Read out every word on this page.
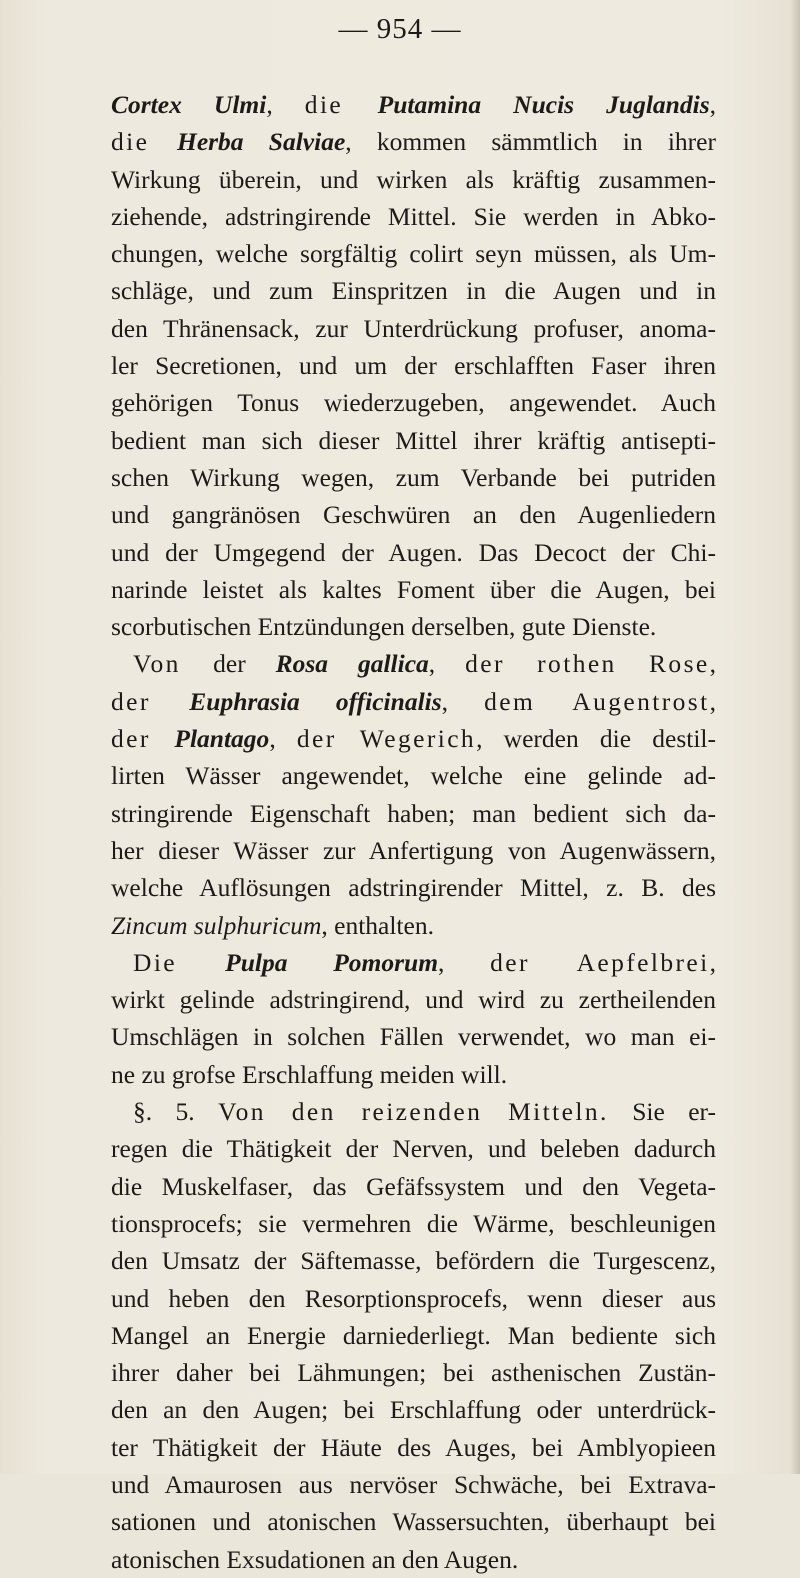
— 954 —
Cortex Ulmi, die Putamina Nucis Juglandis,
die Herba Salviae, kommen sämmtlich in ihrer
Wirkung überein, und wirken als kräftig zusammen-
ziehende, adstringirende Mittel. Sie werden in Abko-
chungen, welche sorgfältig colirt seyn müssen, als Um-
schläge, und zum Einspritzen in die Augen und in
den Thränensack, zur Unterdrückung profuser, anoma-
ler Secretionen, und um der erschlafften Faser ihren
gehörigen Tonus wiederzugeben, angewendet. Auch
bedient man sich dieser Mittel ihrer kräftig antisepti-
schen Wirkung wegen, zum Verbande bei putriden
und gangränösen Geschwüren an den Augenliedern
und der Umgegend der Augen. Das Decoct der Chi-
narinde leistet als kaltes Foment über die Augen, bei
scorbutischen Entzündungen derselben, gute Dienste.
Von der Rosa gallica, der rothen Rose,
der Euphrasia officinalis, dem Augentrost,
der Plantago, der Wegerich, werden die destil-
lirten Wässer angewendet, welche eine gelinde ad-
stringirende Eigenschaft haben; man bedient sich da-
her dieser Wässer zur Anfertigung von Augenwässern,
welche Auflösungen adstringirender Mittel, z. B. des
Zincum sulphuricum, enthalten.
Die Pulpa Pomorum, der Aepfelbrei,
wirkt gelinde adstringirend, und wird zu zertheilenden
Umschlägen in solchen Fällen verwendet, wo man ei-
ne zu grofse Erschlaffung meiden will.
§. 5. Von den reizenden Mitteln. Sie er-
regen die Thätigkeit der Nerven, und beleben dadurch
die Muskelfaser, das Gefäfssystem und den Vegeta-
tionsprocefs; sie vermehren die Wärme, beschleunigen
den Umsatz der Säftemasse, befördern die Turgescenz,
und heben den Resorptionsprocefs, wenn dieser aus
Mangel an Energie darniederliegt. Man bediente sich
ihrer daher bei Lähmungen; bei asthenischen Zustän-
den an den Augen; bei Erschlaffung oder unterdrück-
ter Thätigkeit der Häute des Auges, bei Amblyopieen
und Amaurosen aus nervöser Schwäche, bei Extrava-
sationen und atonischen Wassersuchten, überhaupt bei
atonischen Exsudationen an den Augen.
